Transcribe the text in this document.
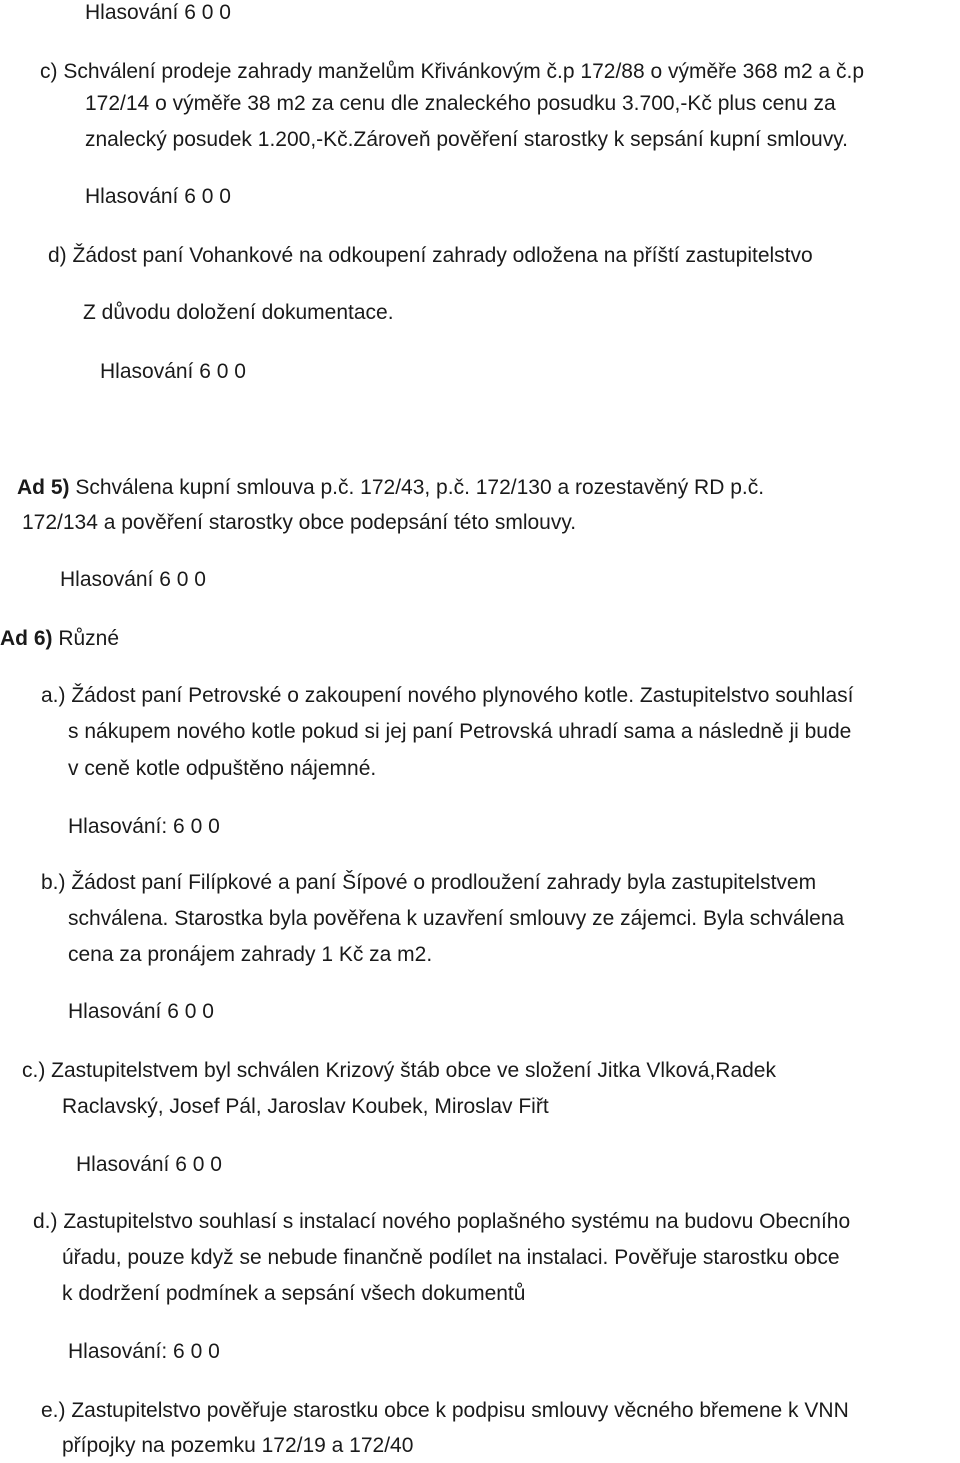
Hlasování 6 0 0
c) Schválení prodeje zahrady manželům Křivánkovým č.p 172/88 o výměře 368 m2 a č.p
172/14 o výměře 38 m2 za cenu dle znaleckého posudku 3.700,-Kč plus cenu za
znalecký posudek 1.200,-Kč.Zároveň pověření starostky k sepsání kupní smlouvy.
Hlasování 6 0 0
d) Žádost paní Vohankové na odkoupení zahrady odložena na příští zastupitelstvo
Z důvodu doložení dokumentace.
Hlasování 6 0 0
Ad 5) Schválena kupní smlouva p.č. 172/43, p.č. 172/130 a rozestavěný RD p.č.
172/134 a pověření starostky obce podepsání této smlouvy.
Hlasování 6 0 0
Ad 6) Různé
a.) Žádost paní Petrovské o zakoupení nového plynového kotle. Zastupitelstvo souhlasí
s nákupem nového kotle pokud si jej paní Petrovská uhradí sama a následně ji bude
v ceně kotle odpuštěno nájemné.
Hlasování: 6 0 0
b.) Žádost paní Filípkové a paní Šípové o prodloužení zahrady byla zastupitelstvem
schválena. Starostka byla pověřena k uzavření smlouvy ze zájemci. Byla schválena
cena za pronájem zahrady 1 Kč za m2.
Hlasování 6 0 0
c.) Zastupitelstvem byl schválen Krizový štáb obce ve složení Jitka Vlková,Radek
Raclavský, Josef Pál, Jaroslav Koubek, Miroslav Fiřt
Hlasování 6 0 0
d.) Zastupitelstvo souhlasí s instalací nového poplašného systému na budovu Obecního
úřadu, pouze když se nebude finančně podílet na instalaci. Pověřuje starostku obce
k dodržení podmínek a sepsání všech dokumentů
Hlasování: 6 0 0
e.) Zastupitelstvo pověřuje starostku obce k podpisu smlouvy věcného břemene k VNN
přípojky na pozemku 172/19 a 172/40
